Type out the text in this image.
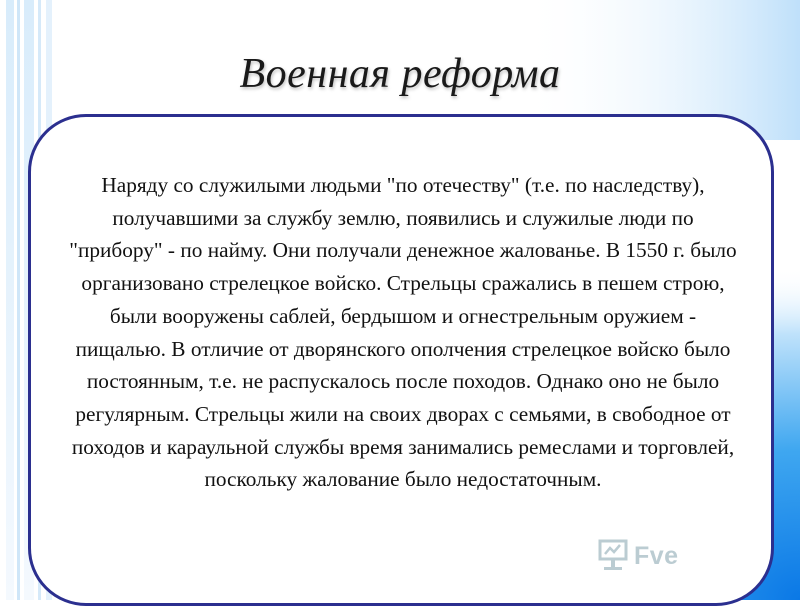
Военная реформа

Наряду со служилыми людьми "по отечеству" (т.е. по наследству), получавшими за службу землю, появились и служилые люди по "прибору" - по найму. Они получали денежное жалованье. В 1550 г. было организовано стрелецкое войско. Стрельцы сражались в пешем строю, были вооружены саблей, бердышом и огнестрельным оружием - пищалью. В отличие от дворянского ополчения стрелецкое войско было постоянным, т.е. не распускалось после походов. Однако оно не было регулярным. Стрельцы жили на своих дворах с семьями, в свободное от походов и караульной службы время занимались ремеслами и торговлей, поскольку жалование было недостаточным.

Fve
